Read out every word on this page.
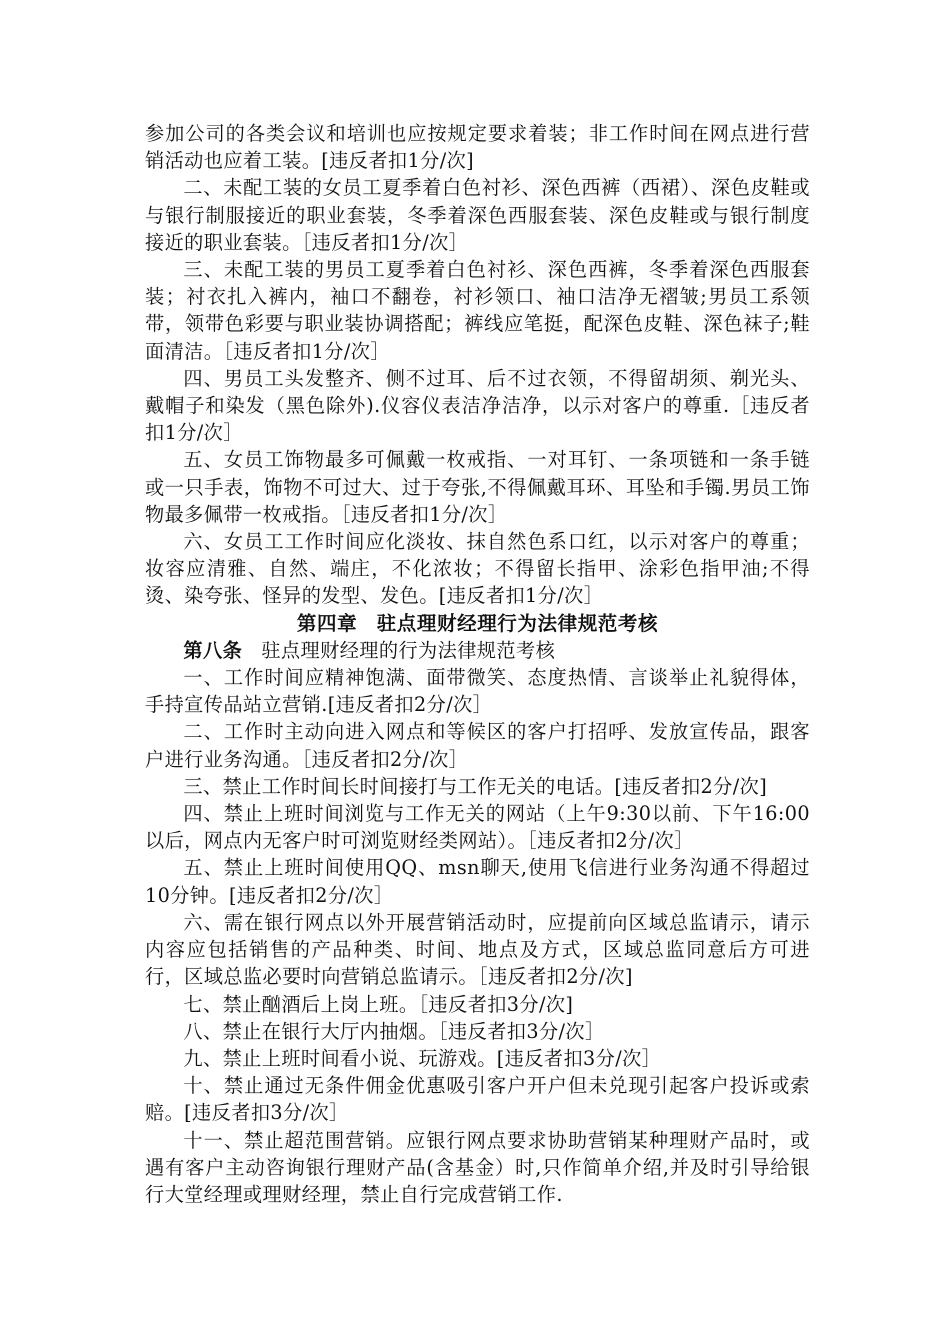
参加公司的各类会议和培训也应按规定要求着装；非工作时间在网点进行营销活动也应着工装。[违反者扣1分/次]

二、未配工装的女员工夏季着白色衬衫、深色西裤（西裙）、深色皮鞋或与银行制服接近的职业套装，冬季着深色西服套装、深色皮鞋或与银行制度接近的职业套装。［违反者扣1分/次］

三、未配工装的男员工夏季着白色衬衫、深色西裤，冬季着深色西服套装；衬衣扎入裤内，袖口不翻卷，衬衫领口、袖口洁净无褶皱;男员工系领带，领带色彩要与职业装协调搭配；裤线应笔挺，配深色皮鞋、深色袜子;鞋面清洁。［违反者扣1分/次］

四、男员工头发整齐、侧不过耳、后不过衣领，不得留胡须、剃光头、戴帽子和染发（黑色除外).仪容仪表洁净洁净，以示对客户的尊重.［违反者扣1分/次］

五、女员工饰物最多可佩戴一枚戒指、一对耳钉、一条项链和一条手链或一只手表，饰物不可过大、过于夸张,不得佩戴耳环、耳坠和手镯.男员工饰物最多佩带一枚戒指。［违反者扣1分/次］

六、女员工工作时间应化淡妆、抹自然色系口红，以示对客户的尊重；妆容应清雅、自然、端庄，不化浓妆；不得留长指甲、涂彩色指甲油;不得烫、染夸张、怪异的发型、发色。[违反者扣1分/次］

第四章 驻点理财经理行为法律规范考核

第八条 驻点理财经理的行为法律规范考核

一、工作时间应精神饱满、面带微笑、态度热情、言谈举止礼貌得体，手持宣传品站立营销.[违反者扣2分/次］

二、工作时主动向进入网点和等候区的客户打招呼、发放宣传品，跟客户进行业务沟通。［违反者扣2分/次］

三、禁止工作时间长时间接打与工作无关的电话。[违反者扣2分/次]

四、禁止上班时间浏览与工作无关的网站（上午9:30以前、下午16:00以后，网点内无客户时可浏览财经类网站）。［违反者扣2分/次］

五、禁止上班时间使用QQ、msn聊天,使用飞信进行业务沟通不得超过10分钟。[违反者扣2分/次］

六、需在银行网点以外开展营销活动时，应提前向区域总监请示，请示内容应包括销售的产品种类、时间、地点及方式，区域总监同意后方可进行，区域总监必要时向营销总监请示。［违反者扣2分/次]

七、禁止酗酒后上岗上班。［违反者扣3分/次]

八、禁止在银行大厅内抽烟。［违反者扣3分/次］

九、禁止上班时间看小说、玩游戏。[违反者扣3分/次］

十、禁止通过无条件佣金优惠吸引客户开户但未兑现引起客户投诉或索赔。[违反者扣3分/次］

十一、禁止超范围营销。应银行网点要求协助营销某种理财产品时，或遇有客户主动咨询银行理财产品(含基金）时,只作简单介绍,并及时引导给银行大堂经理或理财经理，禁止自行完成营销工作.
